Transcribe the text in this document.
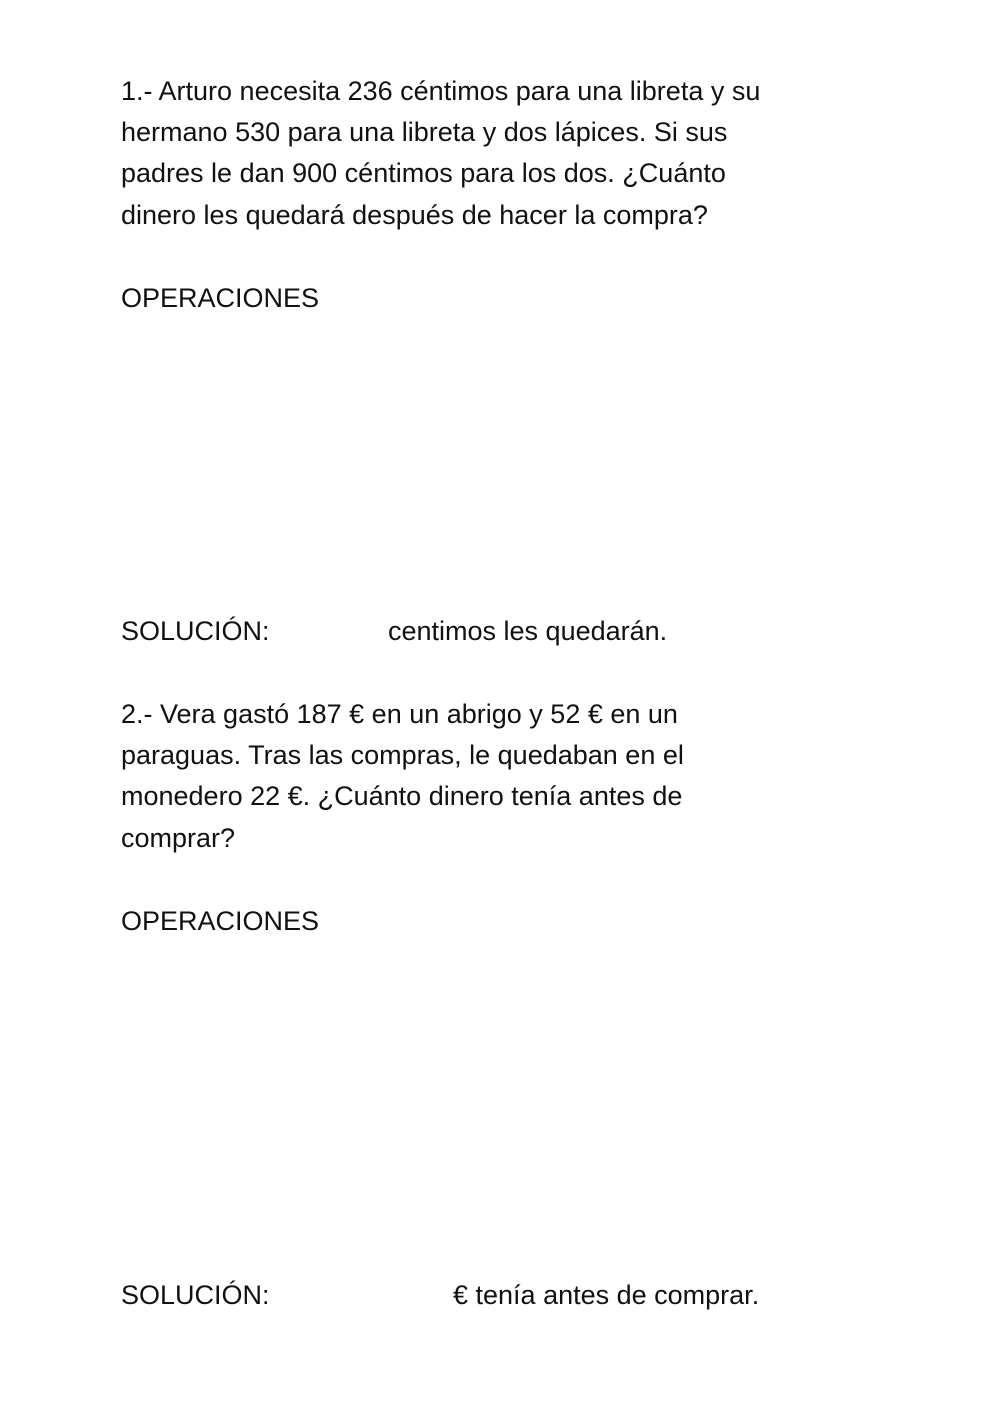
1.- Arturo necesita 236 céntimos para una libreta y su

hermano 530 para una libreta y dos lápices. Si sus

padres le dan 900 céntimos para los dos. ¿Cuánto

dinero les quedará después de hacer la compra?

OPERACIONES

SOLUCIÓN:	centimos les quedarán.

2.- Vera gastó 187 € en un abrigo y 52 € en un

paraguas. Tras las compras, le quedaban en el

monedero 22 €. ¿Cuánto dinero tenía antes de

comprar?

OPERACIONES

SOLUCIÓN:	€ tenía antes de comprar.
